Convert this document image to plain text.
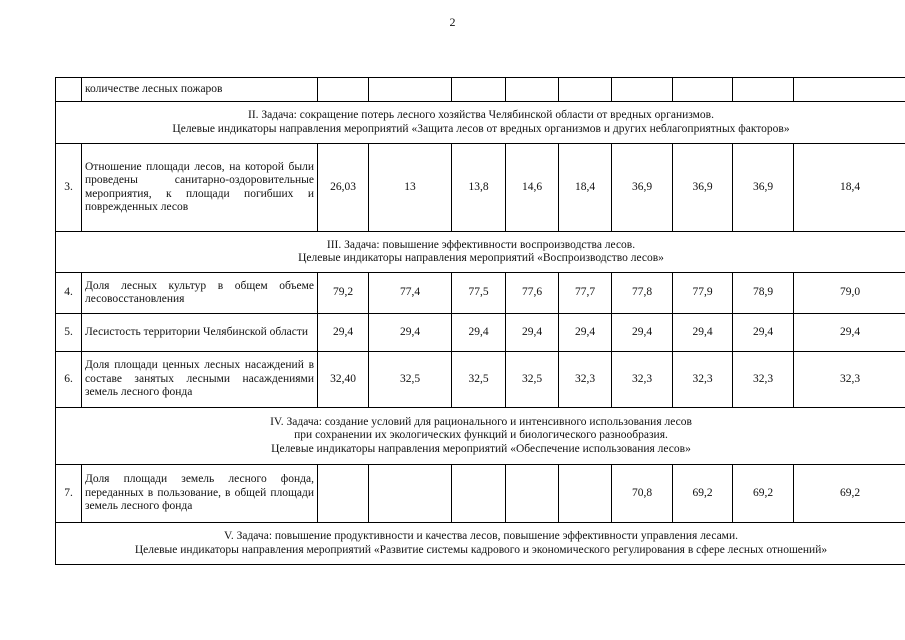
2
	количестве лесных пожаров									

II. Задача: сокращение потерь лесного хозяйства Челябинской области от вредных организмов.
Целевые индикаторы направления мероприятий «Защита лесов от вредных организмов и других неблагоприятных факторов»										

3.	Отношение площади лесов, на которой были проведены санитарно-оздоровительные мероприятия, к площади погибших и поврежденных лесов	26,03	13	13,8	14,6	18,4	36,9	36,9	36,9	18,4

III. Задача: повышение эффективности воспроизводства лесов.
Целевые индикаторы направления мероприятий «Воспроизводство лесов»										

4.	Доля лесных культур в общем объеме лесовосстановления	79,2	77,4	77,5	77,6	77,7	77,8	77,9	78,9	79,0
5.	Лесистость территории Челябинской области	29,4	29,4	29,4	29,4	29,4	29,4	29,4	29,4	29,4
6.	Доля площади ценных лесных насаждений в составе занятых лесными насаждениями земель лесного фонда	32,40	32,5	32,5	32,5	32,3	32,3	32,3	32,3	32,3

IV. Задача: создание условий для рационального и интенсивного использования лесов
при сохранении их экологических функций и биологического разнообразия.
Целевые индикаторы направления мероприятий «Обеспечение использования лесов»										

7.	Доля площади земель лесного фонда, переданных в пользование, в общей площади земель лесного фонда						70,8	69,2	69,2	69,2

V. Задача: повышение продуктивности и качества лесов, повышение эффективности управления лесами.
Целевые индикаторы направления мероприятий «Развитие системы кадрового и экономического регулирования в сфере лесных отношений»										
